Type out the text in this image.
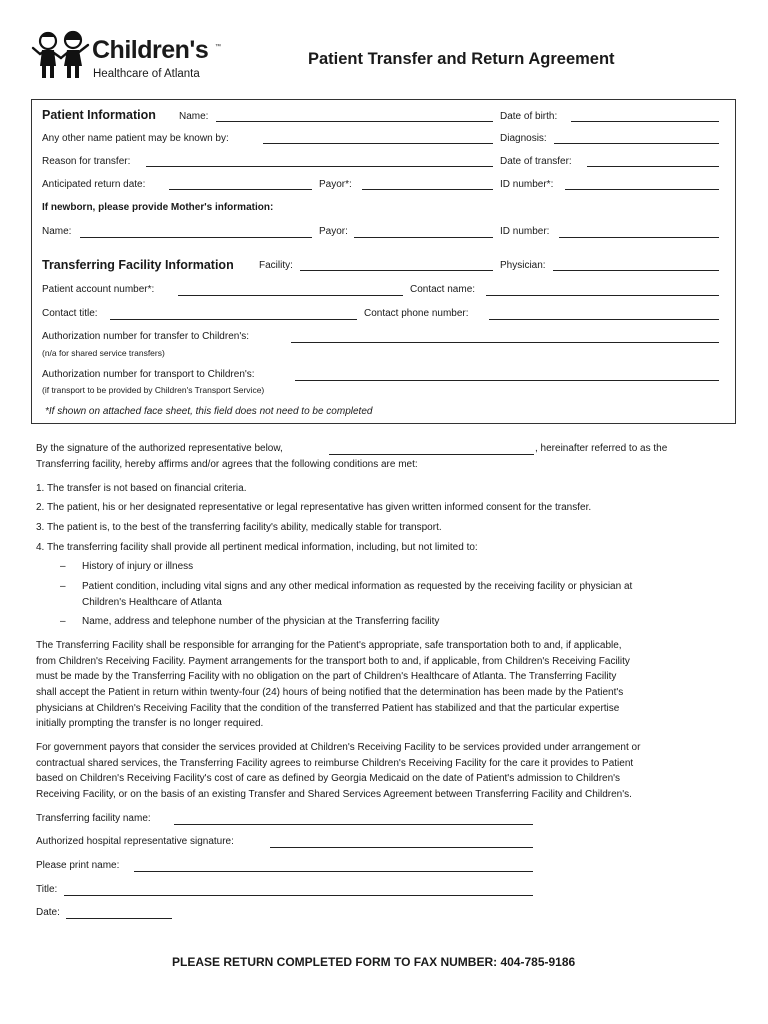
Children's ™
Healthcare of Atlanta
Patient Transfer and Return Agreement
Patient Information Name:	Date of birth:
Any other name patient may be known by:	Diagnosis:
Reason for transfer:	Date of transfer:
Anticipated return date:	Payor*:	ID number*:
If newborn, please provide Mother's information:
Name:	Payor:	ID number:
Transferring Facility Information	Facility:	Physician:
Patient account number*:	Contact name:
Contact title:	Contact phone number:
Authorization number for transfer to Children's:
(n/a for shared service transfers)
Authorization number for transport to Children's:
(if transport to be provided by Children's Transport Service)
*If shown on attached face sheet, this field does not need to be completed
By the signature of the authorized representative below,	, hereinafter referred to as the
Transferring facility, hereby affirms and/or agrees that the following conditions are met:
1. The transfer is not based on financial criteria.
2. The patient, his or her designated representative or legal representative has given written informed consent for the transfer.
3. The patient is, to the best of the transferring facility's ability, medically stable for transport.
4. The transferring facility shall provide all pertinent medical information, including, but not limited to:
– History of injury or illness
– Patient condition, including vital signs and any other medical information as requested by the receiving facility or physician at
Children's Healthcare of Atlanta
– Name, address and telephone number of the physician at the Transferring facility
The Transferring Facility shall be responsible for arranging for the Patient's appropriate, safe transportation both to and, if applicable,
from Children's Receiving Facility. Payment arrangements for the transport both to and, if applicable, from Children's Receiving Facility
must be made by the Transferring Facility with no obligation on the part of Children's Healthcare of Atlanta. The Transferring Facility
shall accept the Patient in return within twenty-four (24) hours of being notified that the determination has been made by the Patient's
physicians at Children's Receiving Facility that the condition of the transferred Patient has stabilized and that the particular expertise
initially prompting the transfer is no longer required.
For government payors that consider the services provided at Children's Receiving Facility to be services provided under arrangement or
contractual shared services, the Transferring Facility agrees to reimburse Children's Receiving Facility for the care it provides to Patient
based on Children's Receiving Facility's cost of care as defined by Georgia Medicaid on the date of Patient's admission to Children's
Receiving Facility, or on the basis of an existing Transfer and Shared Services Agreement between Transferring Facility and Children's.
Transferring facility name:
Authorized hospital representative signature:
Please print name:
Title:
Date:
PLEASE RETURN COMPLETED FORM TO FAX NUMBER: 404-785-9186
